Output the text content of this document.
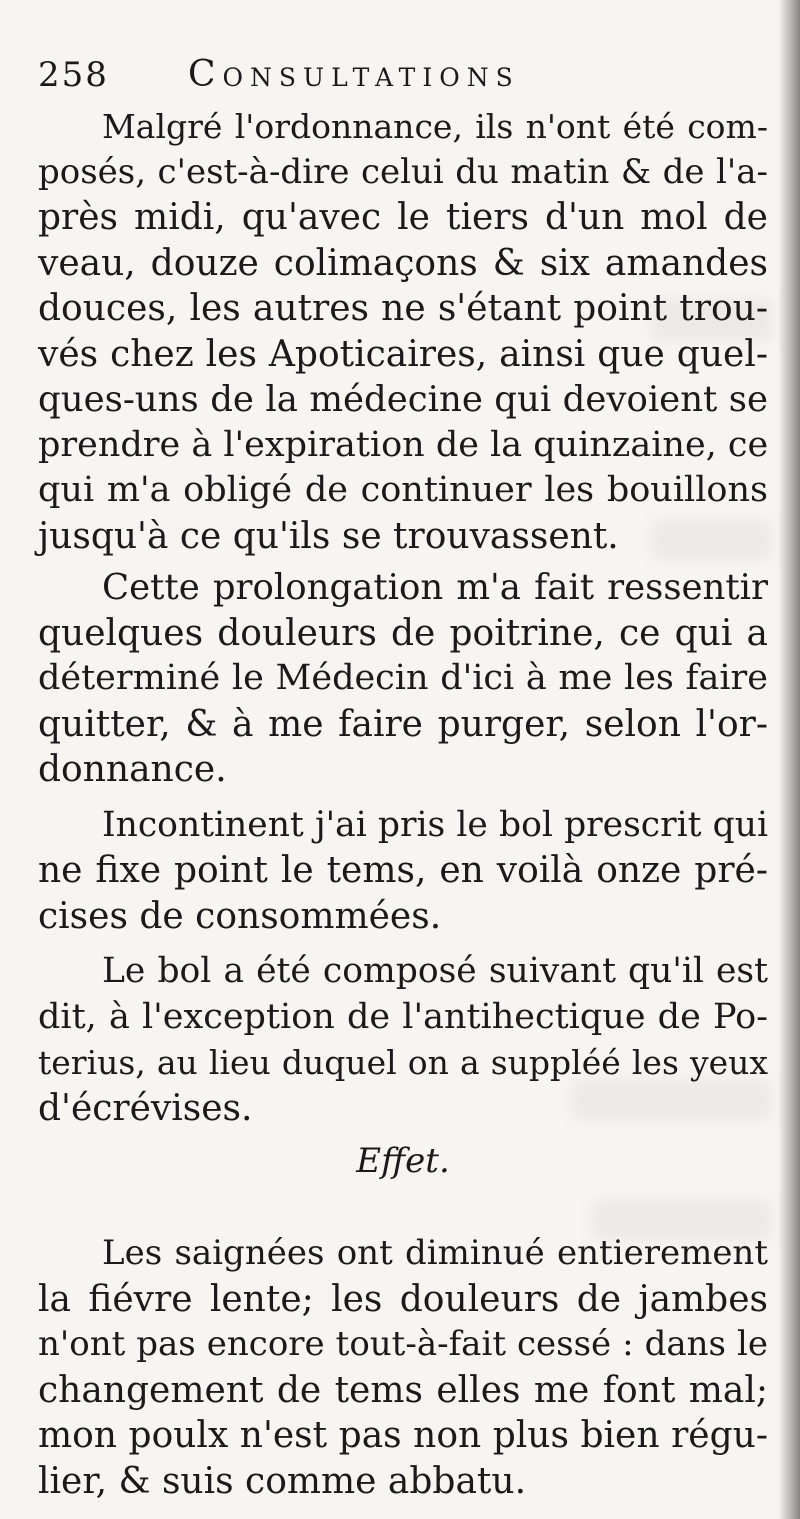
258	Consultations

Malgré l'ordonnance, ils n'ont été com-
posés, c'est-à-dire celui du matin & de l'a-
près midi, qu'avec le tiers d'un mol de
veau, douze colimaçons & six amandes
douces, les autres ne s'étant point trou-
vés chez les Apoticaires, ainsi que quel-
ques-uns de la médecine qui devoient se
prendre à l'expiration de la quinzaine, ce
qui m'a obligé de continuer les bouillons
jusqu'à ce qu'ils se trouvassent.

Cette prolongation m'a fait ressentir
quelques douleurs de poitrine, ce qui a
déterminé le Médecin d'ici à me les faire
quitter, & à me faire purger, selon l'or-
donnance.

Incontinent j'ai pris le bol prescrit qui
ne fixe point le tems, en voilà onze pré-
cises de consommées.

Le bol a été composé suivant qu'il est
dit, à l'exception de l'antihectique de Po-
terius, au lieu duquel on a suppléé les yeux
d'écrévises.

Effet.

Les saignées ont diminué entierement
la fiévre lente; les douleurs de jambes
n'ont pas encore tout-à-fait cessé : dans le
changement de tems elles me font mal;
mon poulx n'est pas non plus bien régu-
lier, & suis comme abbatu.
